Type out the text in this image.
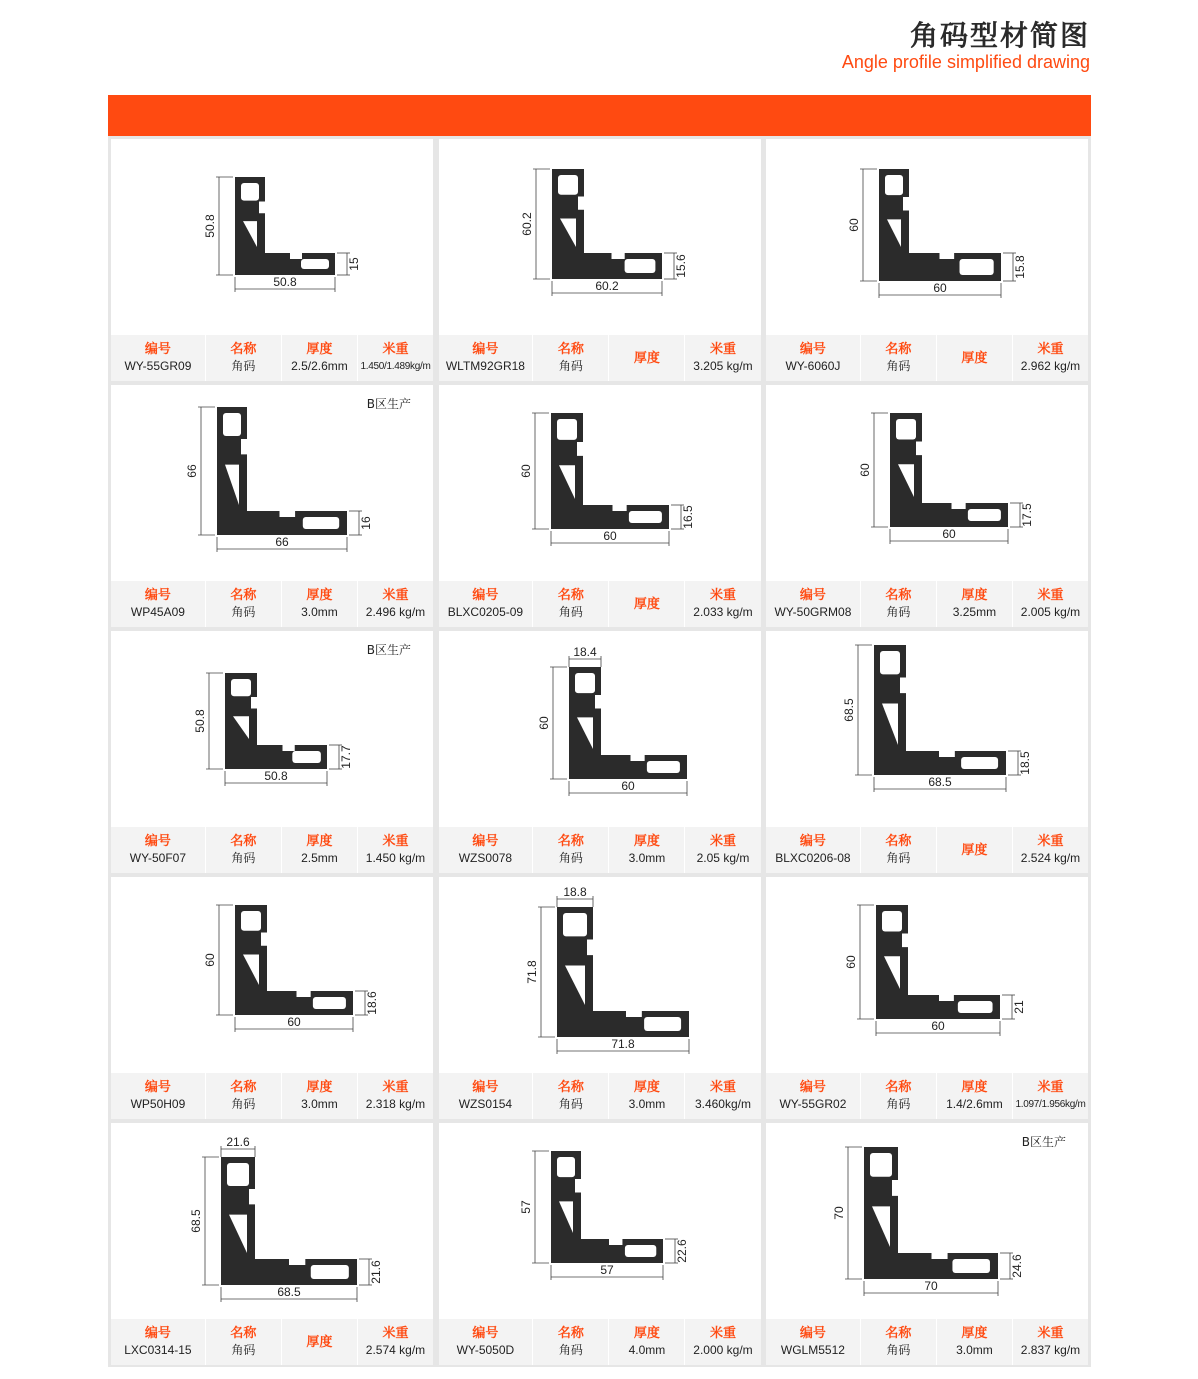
角码型材简图
Angle profile simplified drawing
50.8
50.8
15
编号
WY-55GR09
名称
角码
厚度
2.5/2.6mm
米重
1.450/1.489kg/m
60.2
60.2
15.6
编号
WLTM92GR18
名称
角码
厚度
米重
3.205 kg/m
60
60
15.8
编号
WY-6060J
名称
角码
厚度
米重
2.962 kg/m
66
66
16
B区生产
编号
WP45A09
名称
角码
厚度
3.0mm
米重
2.496 kg/m
60
60
16.5
编号
BLXC0205-09
名称
角码
厚度
米重
2.033 kg/m
60
60
17.5
编号
WY-50GRM08
名称
角码
厚度
3.25mm
米重
2.005 kg/m
50.8
50.8
17.7
B区生产
编号
WY-50F07
名称
角码
厚度
2.5mm
米重
1.450 kg/m
60
60
18.4
编号
WZS0078
名称
角码
厚度
3.0mm
米重
2.05 kg/m
68.5
68.5
18.5
编号
BLXC0206-08
名称
角码
厚度
米重
2.524 kg/m
60
60
18.6
编号
WP50H09
名称
角码
厚度
3.0mm
米重
2.318 kg/m
71.8
71.8
18.8
编号
WZS0154
名称
角码
厚度
3.0mm
米重
3.460kg/m
60
60
21
编号
WY-55GR02
名称
角码
厚度
1.4/2.6mm
米重
1.097/1.956kg/m
68.5
68.5
21.6
21.6
编号
LXC0314-15
名称
角码
厚度
米重
2.574 kg/m
57
57
22.6
编号
WY-5050D
名称
角码
厚度
4.0mm
米重
2.000 kg/m
70
70
24.6
B区生产
编号
WGLM5512
名称
角码
厚度
3.0mm
米重
2.837 kg/m
